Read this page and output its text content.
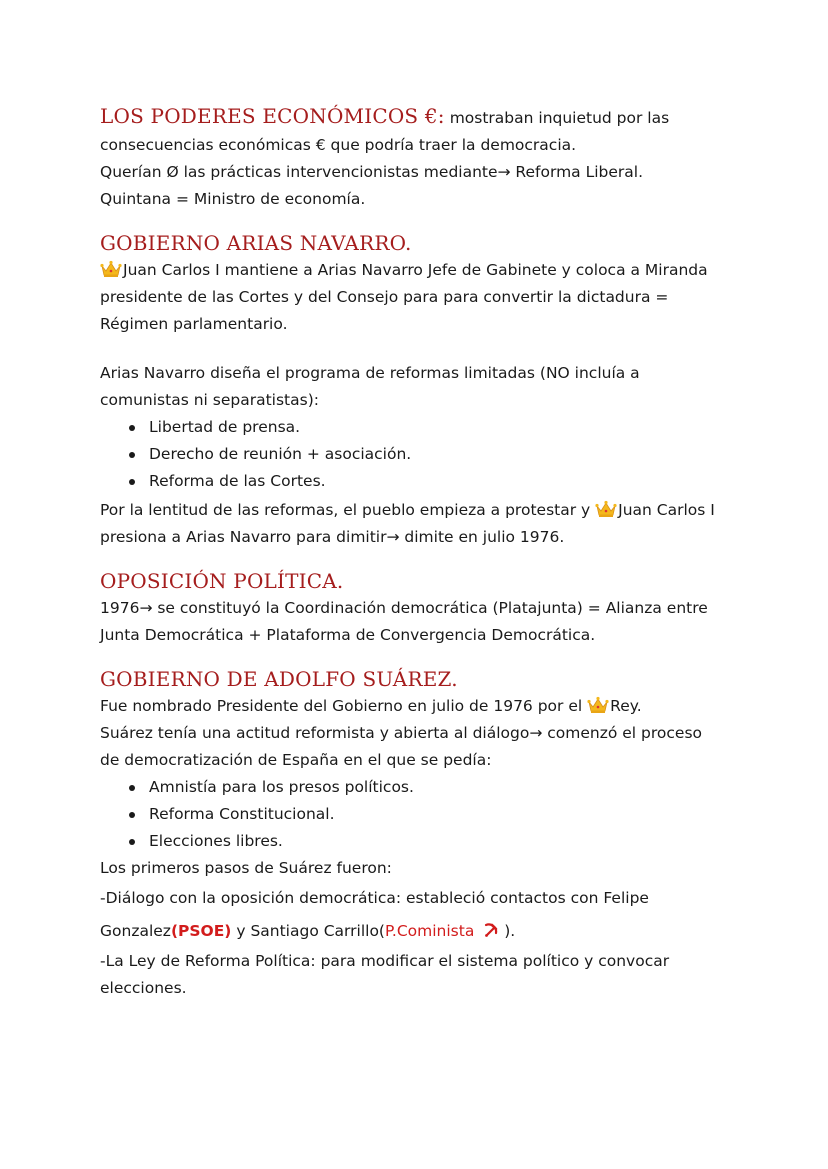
LOS PODERES ECONÓMICOS €: mostraban inquietud por las

consecuencias económicas € que podría traer la democracia.

Querían Ø las prácticas intervencionistas mediante→ Reforma Liberal.

Quintana = Ministro de economía.

GOBIERNO ARIAS NAVARRO.

Juan Carlos I mantiene a Arias Navarro Jefe de Gabinete y coloca a Miranda

presidente de las Cortes y del Consejo para para convertir la dictadura =

Régimen parlamentario.

Arias Navarro diseña el programa de reformas limitadas (NO incluía a

comunistas ni separatistas):

Libertad de prensa.
Derecho de reunión + asociación.
Reforma de las Cortes.

Por la lentitud de las reformas, el pueblo empieza a protestar y Juan Carlos I

presiona a Arias Navarro para dimitir→ dimite en julio 1976.

OPOSICIÓN POLÍTICA.

1976→ se constituyó la Coordinación democrática (Platajunta) = Alianza entre

Junta Democrática + Plataforma de Convergencia Democrática.

GOBIERNO DE ADOLFO SUÁREZ.

Fue nombrado Presidente del Gobierno en julio de 1976 por el Rey.

Suárez tenía una actitud reformista y abierta al diálogo→ comenzó el proceso

de democratización de España en el que se pedía:

Amnistía para los presos políticos.
Reforma Constitucional.
Elecciones libres.

Los primeros pasos de Suárez fueron:

-Diálogo con la oposición democrática: estableció contactos con Felipe

Gonzalez(PSOE) y Santiago Carrillo(P.Cominista ).

-La Ley de Reforma Política: para modificar el sistema político y convocar

elecciones.
